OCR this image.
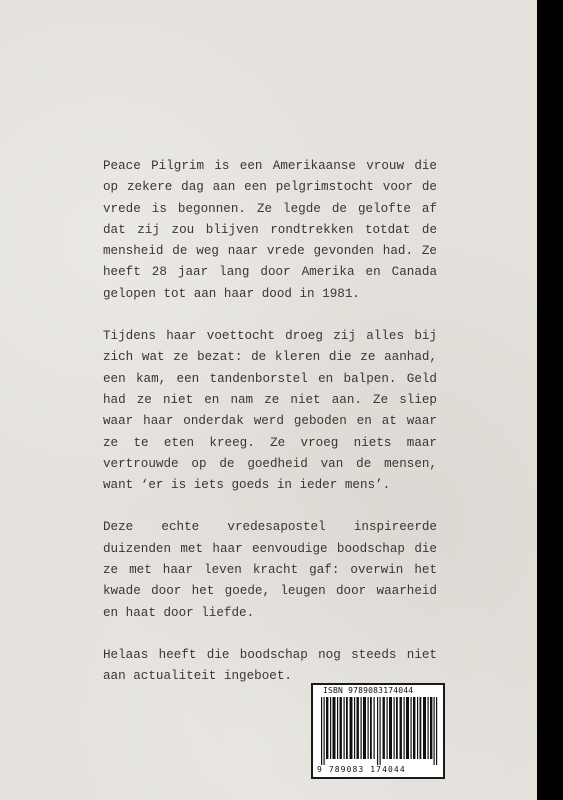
Peace Pilgrim is een Amerikaanse vrouw die op zekere dag aan een pelgrimstocht voor de vrede is begonnen. Ze legde de gelofte af dat zij zou blijven rondtrekken totdat de mensheid de weg naar vrede gevonden had. Ze heeft 28 jaar lang door Amerika en Canada gelopen tot aan haar dood in 1981.

Tijdens haar voettocht droeg zij alles bij zich wat ze bezat: de kleren die ze aanhad, een kam, een tandenborstel en balpen. Geld had ze niet en nam ze niet aan. Ze sliep waar haar onderdak werd geboden en at waar ze te eten kreeg. Ze vroeg niets maar vertrouwde op de goedheid van de mensen, want ‘er is iets goeds in ieder mens’.

Deze echte vredesapostel inspireerde duizenden met haar eenvoudige boodschap die ze met haar leven kracht gaf: overwin het kwade door het goede, leugen door waarheid en haat door liefde.

Helaas heeft die boodschap nog steeds niet aan actualiteit ingeboet.

ISBN 9789083174044
9 789083 174044
